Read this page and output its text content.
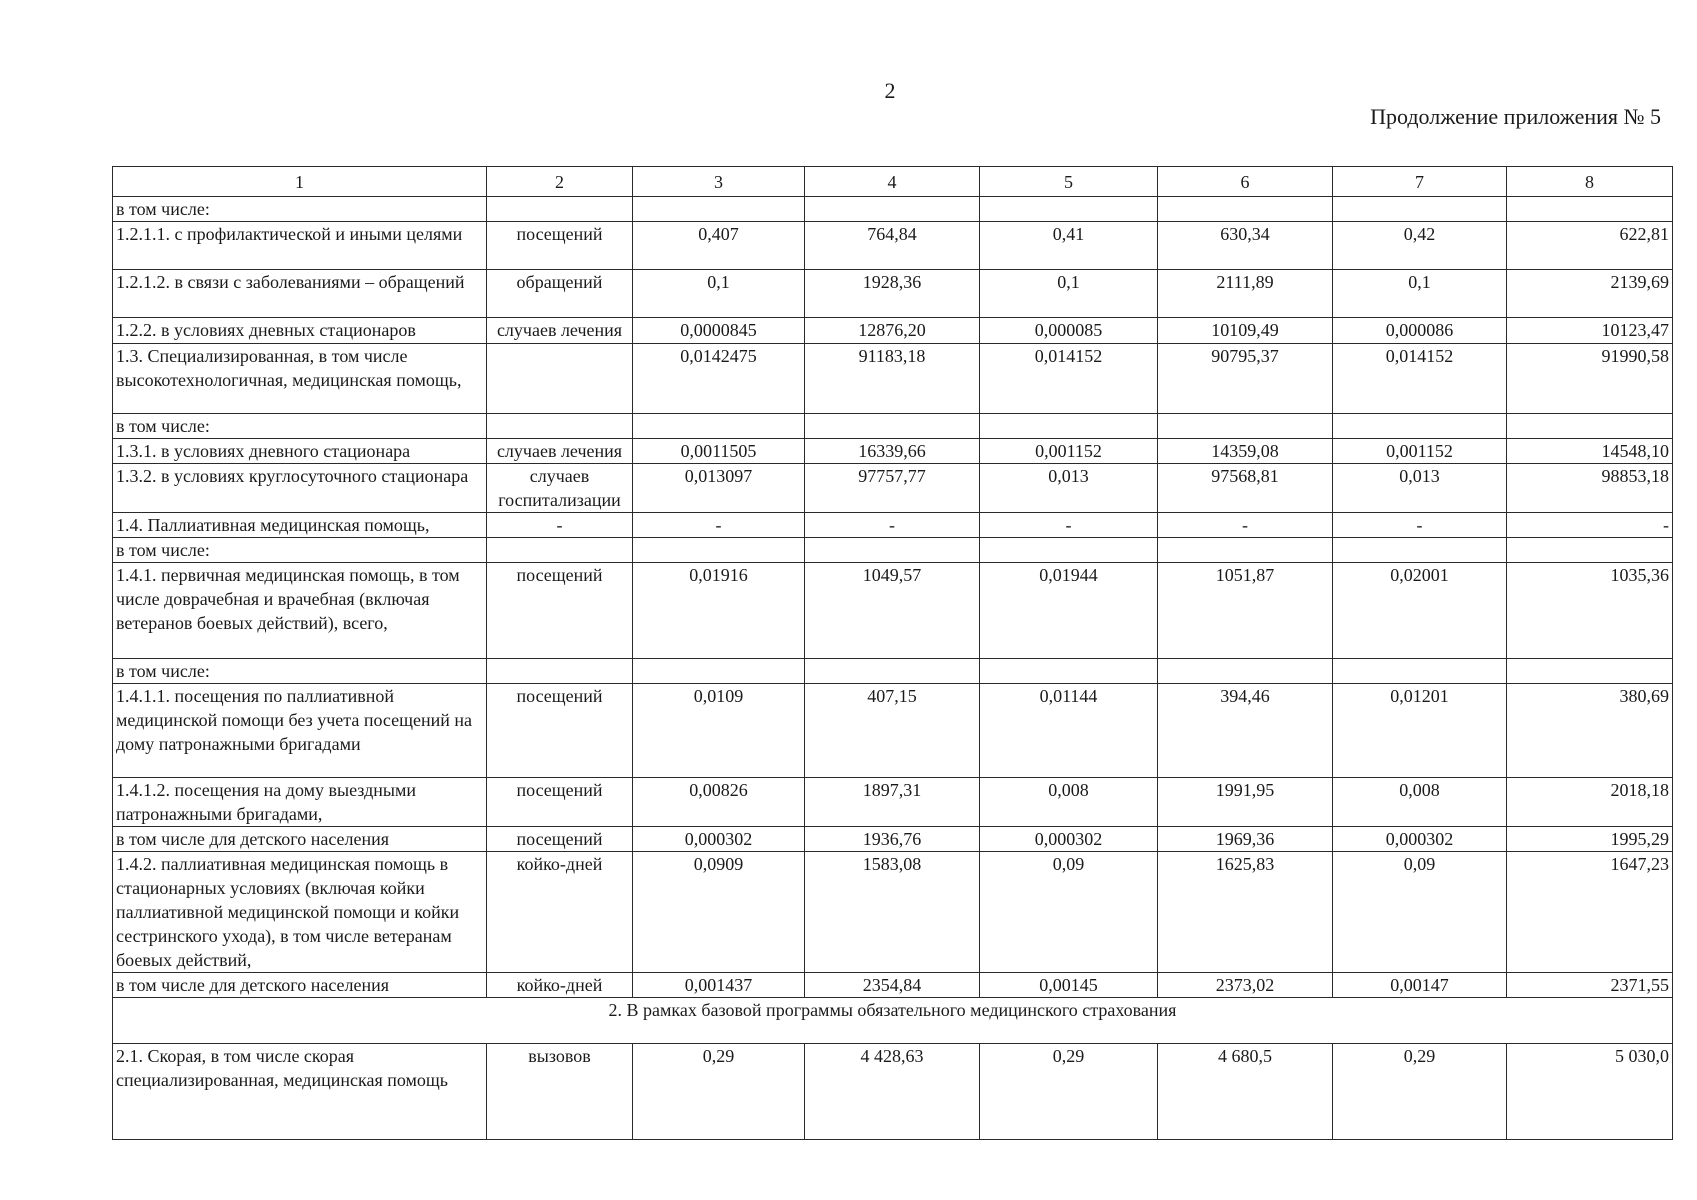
2
Продолжение приложения № 5
1	2	3	4	5	6	7	8
в том числе:							
1.2.1.1. с профилактической и иными целями	посещений	0,407	764,84	0,41	630,34	0,42	622,81
1.2.1.2. в связи с заболеваниями – обращений	обращений	0,1	1928,36	0,1	2111,89	0,1	2139,69
1.2.2. в условиях дневных стационаров	случаев лечения	0,0000845	12876,20	0,000085	10109,49	0,000086	10123,47
1.3. Специализированная, в том числе высокотехнологичная, медицинская помощь,		0,0142475	91183,18	0,014152	90795,37	0,014152	91990,58
в том числе:							
1.3.1. в условиях дневного стационара	случаев лечения	0,0011505	16339,66	0,001152	14359,08	0,001152	14548,10
1.3.2. в условиях круглосуточного стационара	случаев госпитализации	0,013097	97757,77	0,013	97568,81	0,013	98853,18
1.4. Паллиативная медицинская помощь,	-	-	-	-	-	-	-
в том числе:							
1.4.1. первичная медицинская помощь, в том числе доврачебная и врачебная (включая ветеранов боевых действий), всего,	посещений	0,01916	1049,57	0,01944	1051,87	0,02001	1035,36
в том числе:							
1.4.1.1. посещения по паллиативной медицинской помощи без учета посещений на дому патронажными бригадами	посещений	0,0109	407,15	0,01144	394,46	0,01201	380,69
1.4.1.2. посещения на дому выездными патронажными бригадами,	посещений	0,00826	1897,31	0,008	1991,95	0,008	2018,18
в том числе для детского населения	посещений	0,000302	1936,76	0,000302	1969,36	0,000302	1995,29
1.4.2. паллиативная медицинская помощь в стационарных условиях (включая койки паллиативной медицинской помощи и койки сестринского ухода), в том числе ветеранам боевых действий,	койко-дней	0,0909	1583,08	0,09	1625,83	0,09	1647,23
в том числе для детского населения	койко-дней	0,001437	2354,84	0,00145	2373,02	0,00147	2371,55
2. В рамках базовой программы обязательного медицинского страхования							
2.1. Скорая, в том числе скорая специализированная, медицинская помощь	вызовов	0,29	4 428,63	0,29	4 680,5	0,29	5 030,0
